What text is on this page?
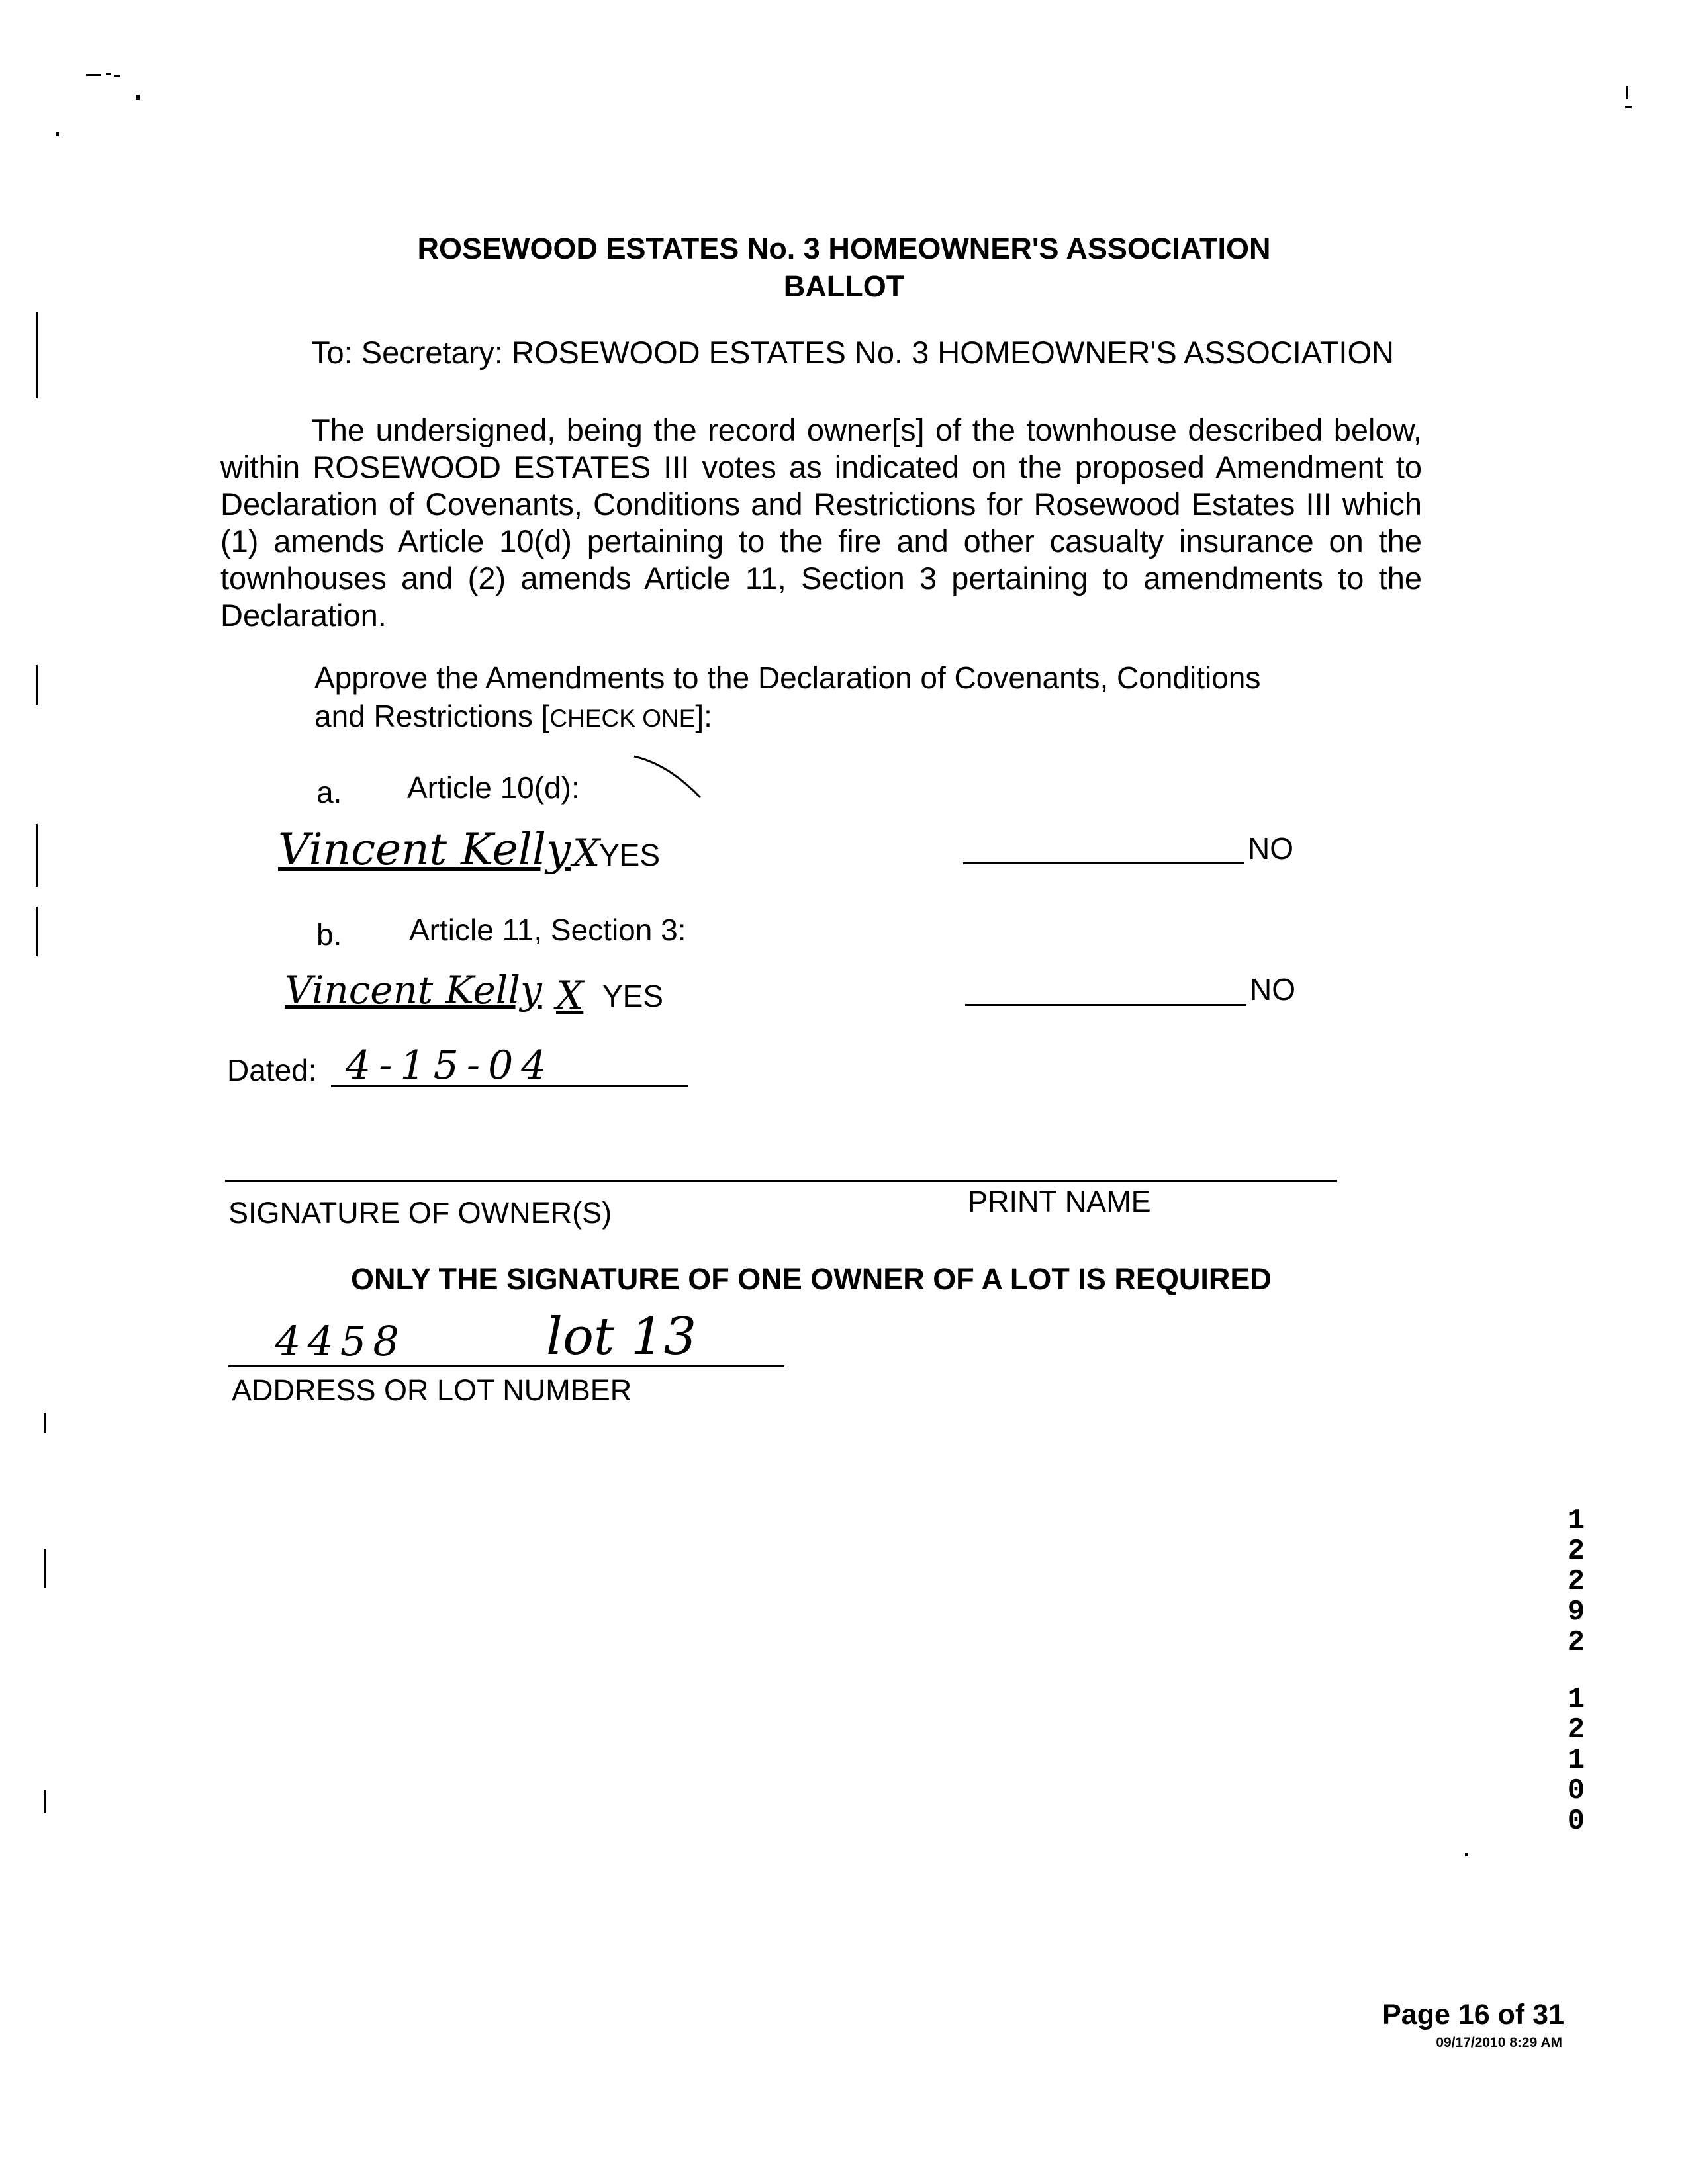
ROSEWOOD ESTATES No. 3 HOMEOWNER'S ASSOCIATION
BALLOT
To: Secretary: ROSEWOOD ESTATES No. 3 HOMEOWNER'S ASSOCIATION
The undersigned, being the record owner[s] of the townhouse described below,
within ROSEWOOD ESTATES III votes as indicated on the proposed Amendment to
Declaration of Covenants, Conditions and Restrictions for Rosewood Estates III which
(1) amends Article 10(d) pertaining to the fire and other casualty insurance on the
townhouses and (2) amends Article 11, Section 3 pertaining to amendments to the
Declaration.
Approve the Amendments to the Declaration of Covenants, Conditions
and Restrictions [CHECK ONE]:
a. Article 10(d):
Vincent Kelly X
YES	NO
b. Article 11, Section 3:
Vincent Kelly X YES	NO
Dated: 4-15-04
SIGNATURE OF OWNER(S)	PRINT NAME
ONLY THE SIGNATURE OF ONE OWNER OF A LOT IS REQUIRED
4458	lot 13
ADDRESS OR LOT NUMBER
1
2
2
9
2
1
2
1
0
0
Page 16 of 31
09/17/2010 8:29 AM
